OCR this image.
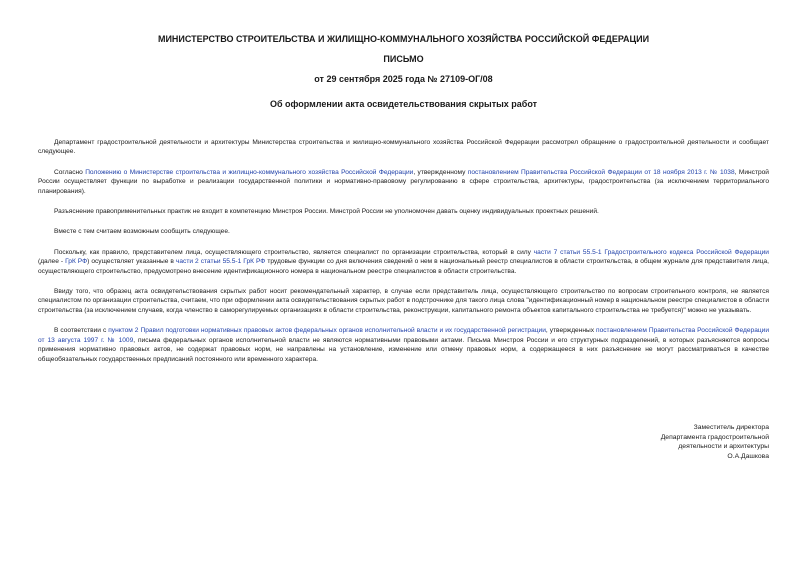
МИНИСТЕРСТВО СТРОИТЕЛЬСТВА И ЖИЛИЩНО-КОММУНАЛЬНОГО ХОЗЯЙСТВА РОССИЙСКОЙ ФЕДЕРАЦИИ
ПИСЬМО
от 29 сентября 2025 года № 27109-ОГ/08
Об оформлении акта освидетельствования скрытых работ

Департамент градостроительной деятельности и архитектуры Министерства строительства и жилищно-коммунального хозяйства Российской Федерации рассмотрел обращение о градостроительной деятельности и сообщает следующее.

Согласно Положению о Министерстве строительства и жилищно-коммунального хозяйства Российской Федерации, утвержденному постановлением Правительства Российской Федерации от 18 ноября 2013 г. № 1038, Минстрой России осуществляет функции по выработке и реализации государственной политики и нормативно-правовому регулированию в сфере строительства, архитектуры, градостроительства (за исключением территориального планирования).

Разъяснение правоприменительных практик не входит в компетенцию Минстроя России. Минстрой России не уполномочен давать оценку индивидуальных проектных решений.

Вместе с тем считаем возможным сообщить следующее.

Поскольку, как правило, представителем лица, осуществляющего строительство, является специалист по организации строительства, который в силу части 7 статьи 55.5-1 Градостроительного кодекса Российской Федерации (далее - ГрК РФ) осуществляет указанные в части 2 статьи 55.5-1 ГрК РФ трудовые функции со дня включения сведений о нем в национальный реестр специалистов в области строительства, в общем журнале для представителя лица, осуществляющего строительство, предусмотрено внесение идентификационного номера в национальном реестре специалистов в области строительства.

Ввиду того, что образец акта освидетельствования скрытых работ носит рекомендательный характер, в случае если представитель лица, осуществляющего строительство по вопросам строительного контроля, не является специалистом по организации строительства, считаем, что при оформлении акта освидетельствования скрытых работ в подстрочнике для такого лица слова "идентификационный номер в национальном реестре специалистов в области строительства (за исключением случаев, когда членство в саморегулируемых организациях в области строительства, реконструкции, капитального ремонта объектов капитального строительства не требуется)" можно не указывать.

В соответствии с пунктом 2 Правил подготовки нормативных правовых актов федеральных органов исполнительной власти и их государственной регистрации, утвержденных постановлением Правительства Российской Федерации от 13 августа 1997 г. № 1009, письма федеральных органов исполнительной власти не являются нормативными правовыми актами. Письма Минстроя России и его структурных подразделений, в которых разъясняются вопросы применения нормативно правовых актов, не содержат правовых норм, не направлены на установление, изменение или отмену правовых норм, а содержащееся в них разъяснение не могут рассматриваться в качестве общеобязательных государственных предписаний постоянного или временного характера.

Заместитель директора
Департамента градостроительной
деятельности и архитектуры
О.А.Дашкова
